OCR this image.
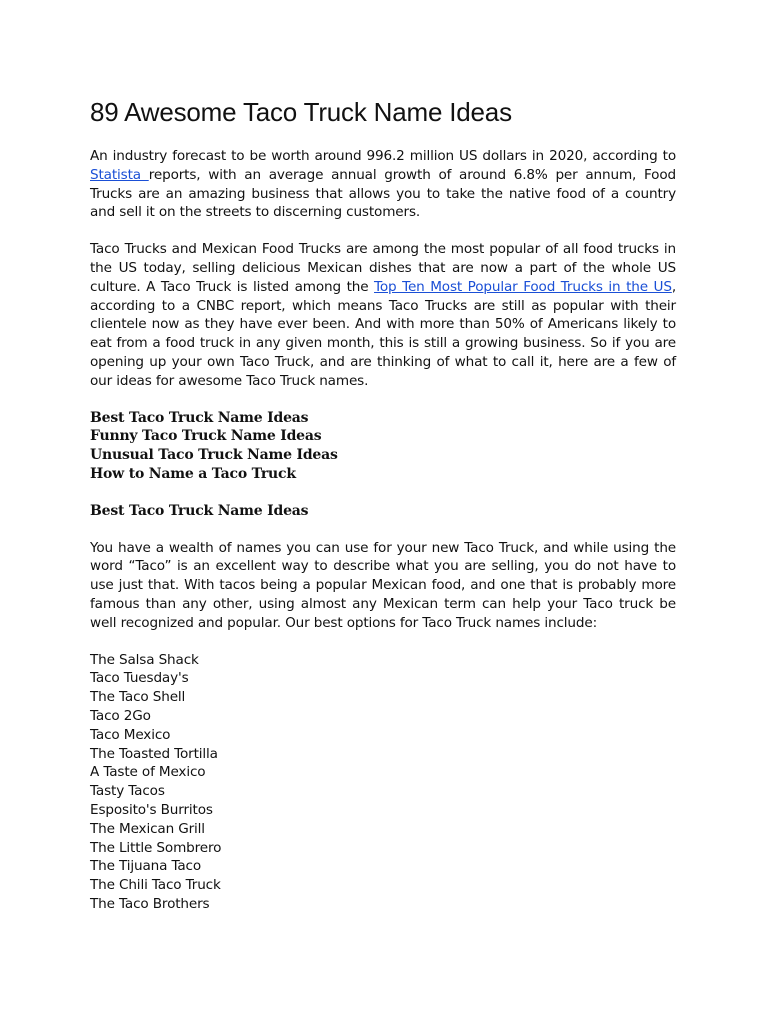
89 Awesome Taco Truck Name Ideas

An industry forecast to be worth around 996.2 million US dollars in 2020, according to Statista reports, with an average annual growth of around 6.8% per annum, Food Trucks are an amazing business that allows you to take the native food of a country and sell it on the streets to discerning customers.

Taco Trucks and Mexican Food Trucks are among the most popular of all food trucks in the US today, selling delicious Mexican dishes that are now a part of the whole US culture. A Taco Truck is listed among the Top Ten Most Popular Food Trucks in the US, according to a CNBC report, which means Taco Trucks are still as popular with their clientele now as they have ever been. And with more than 50% of Americans likely to eat from a food truck in any given month, this is still a growing business. So if you are opening up your own Taco Truck, and are thinking of what to call it, here are a few of our ideas for awesome Taco Truck names.

Best Taco Truck Name Ideas
Funny Taco Truck Name Ideas
Unusual Taco Truck Name Ideas
How to Name a Taco Truck
Best Taco Truck Name Ideas

You have a wealth of names you can use for your new Taco Truck, and while using the word “Taco” is an excellent way to describe what you are selling, you do not have to use just that. With tacos being a popular Mexican food, and one that is probably more famous than any other, using almost any Mexican term can help your Taco truck be well recognized and popular. Our best options for Taco Truck names include:

The Salsa Shack
Taco Tuesday's
The Taco Shell
Taco 2Go
Taco Mexico
The Toasted Tortilla
A Taste of Mexico
Tasty Tacos
Esposito's Burritos
The Mexican Grill
The Little Sombrero
The Tijuana Taco
The Chili Taco Truck
The Taco Brothers
